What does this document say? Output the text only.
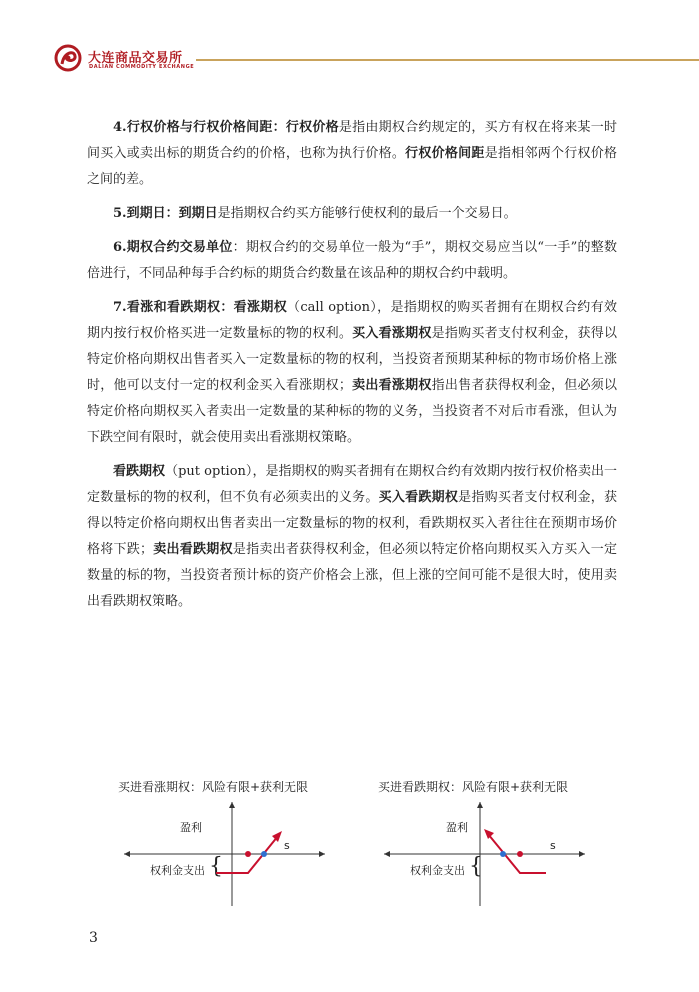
大连商品交易所
DALIAN COMMODITY EXCHANGE

4.行权价格与行权价格间距：行权价格是指由期权合约规定的，买方有权在将来某一时间买入或卖出标的期货合约的价格，也称为执行价格。行权价格间距是指相邻两个行权价格之间的差。

5.到期日：到期日是指期权合约买方能够行使权利的最后一个交易日。

6.期权合约交易单位：期权合约的交易单位一般为“手”，期权交易应当以“一手”的整数倍进行，不同品种每手合约标的期货合约数量在该品种的期权合约中载明。

7.看涨和看跌期权：看涨期权（call option），是指期权的购买者拥有在期权合约有效期内按行权价格买进一定数量标的物的权利。买入看涨期权是指购买者支付权利金，获得以特定价格向期权出售者买入一定数量标的物的权利，当投资者预期某种标的物市场价格上涨时，他可以支付一定的权利金买入看涨期权；卖出看涨期权指出售者获得权利金，但必须以特定价格向期权买入者卖出一定数量的某种标的物的义务，当投资者不对后市看涨，但认为下跌空间有限时，就会使用卖出看涨期权策略。

看跌期权（put option），是指期权的购买者拥有在期权合约有效期内按行权价格卖出一定数量标的物的权利，但不负有必须卖出的义务。买入看跌期权是指购买者支付权利金，获得以特定价格向期权出售者卖出一定数量标的物的权利，看跌期权买入者往往在预期市场价格将下跌；卖出看跌期权是指卖出者获得权利金，但必须以特定价格向期权买入方买入一定数量的标的物，当投资者预计标的资产价格会上涨，但上涨的空间可能不是很大时，使用卖出看跌期权策略。

买进看涨期权：风险有限+获利无限
盈利
权利金支出 {
s
买进看跌期权：风险有限+获利无限
盈利
权利金支出 {
s
3
